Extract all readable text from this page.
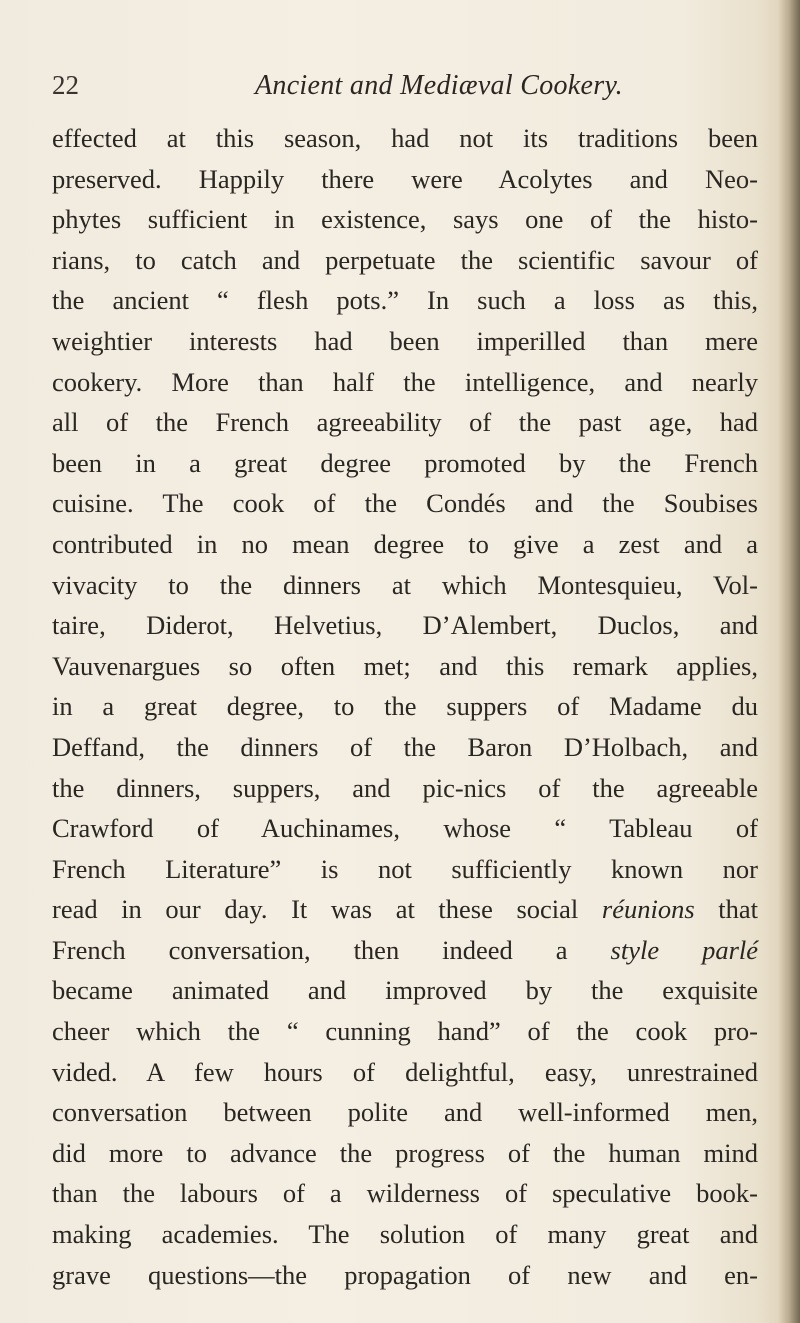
22	Ancient and Mediæval Cookery.
effected at this season, had not its traditions been
preserved. Happily there were Acolytes and Neo-
phytes sufficient in existence, says one of the histo-
rians, to catch and perpetuate the scientific savour of
the ancient “ flesh pots.” In such a loss as this,
weightier interests had been imperilled than mere
cookery. More than half the intelligence, and nearly
all of the French agreeability of the past age, had
been in a great degree promoted by the French
cuisine. The cook of the Condés and the Soubises
contributed in no mean degree to give a zest and a
vivacity to the dinners at which Montesquieu, Vol-
taire, Diderot, Helvetius, D’Alembert, Duclos, and
Vauvenargues so often met; and this remark applies,
in a great degree, to the suppers of Madame du
Deffand, the dinners of the Baron D’Holbach, and
the dinners, suppers, and pic-nics of the agreeable
Crawford of Auchinames, whose “ Tableau of
French Literature” is not sufficiently known nor
read in our day. It was at these social réunions that
French conversation, then indeed a style parlé
became animated and improved by the exquisite
cheer which the “ cunning hand” of the cook pro-
vided. A few hours of delightful, easy, unrestrained
conversation between polite and well-informed men,
did more to advance the progress of the human mind
than the labours of a wilderness of speculative book-
making academies. The solution of many great and
grave questions—the propagation of new and en-
